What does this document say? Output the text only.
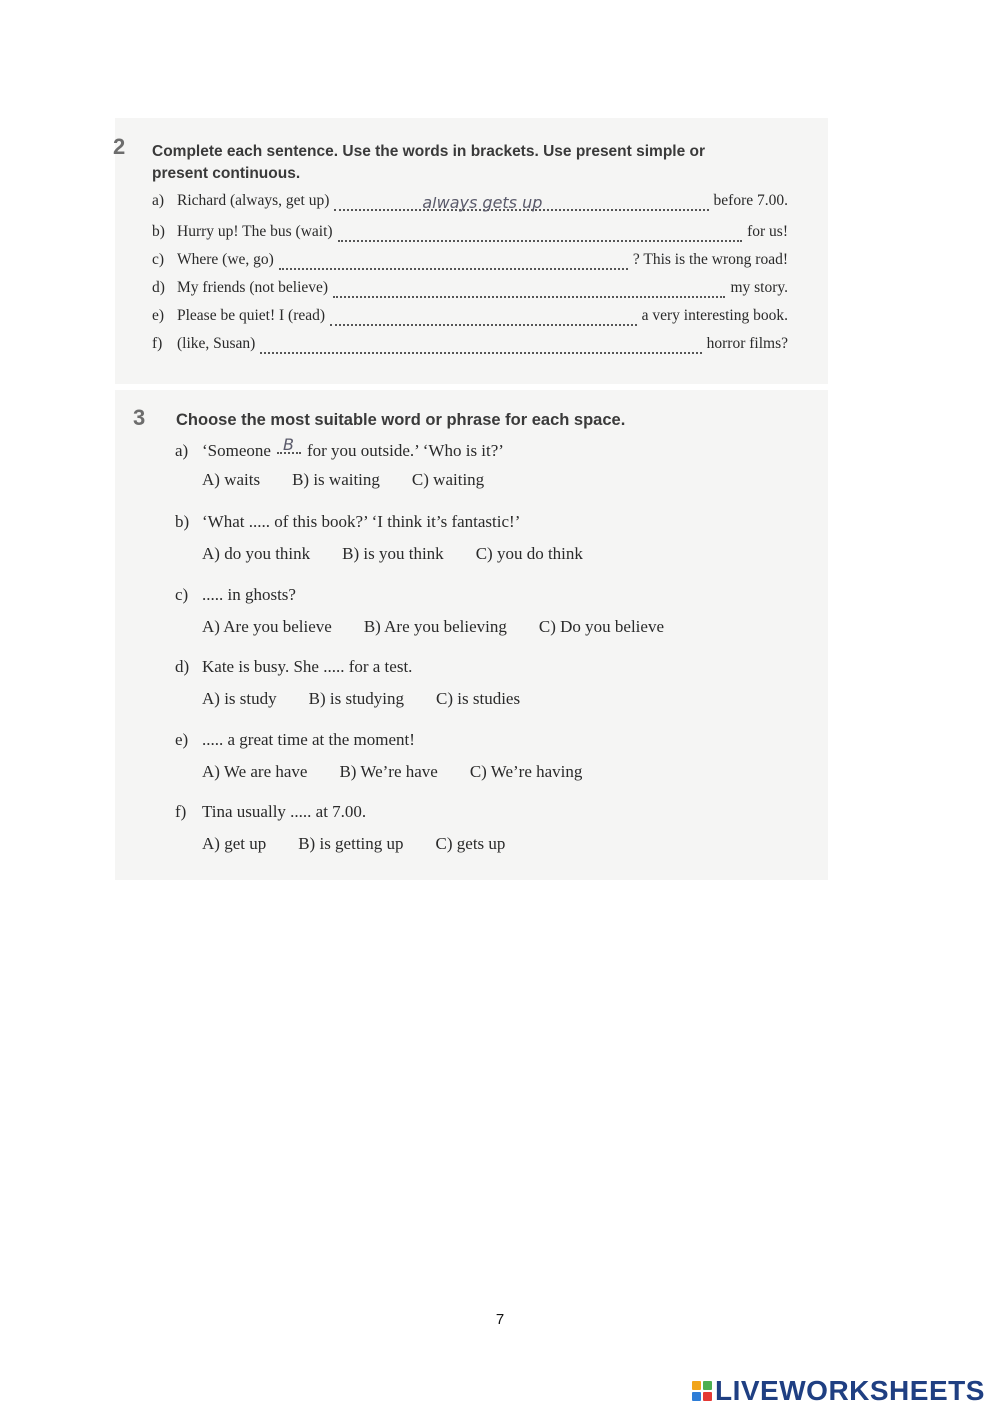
2 Complete each sentence. Use the words in brackets. Use present simple or
present continuous.
a) Richard (always, get up)	always gets up	before 7.00.
b) Hurry up! The bus (wait)	for us!
c) Where (we, go)	? This is the wrong road!
d) My friends (not believe)	my story.
e) Please be quiet! I (read)	a very interesting book.
f) (like, Susan)	horror films?
3 Choose the most suitable word or phrase for each space.
a) ‘Someone B for you outside.’ ‘Who is it?’
A) waits B) is waiting C) waiting
b) ‘What ..... of this book?’ ‘I think it’s fantastic!’
A) do you think B) is you think C) you do think
c) ..... in ghosts?
A) Are you believe B) Are you believing C) Do you believe
d) Kate is busy. She ..... for a test.
A) is study B) is studying C) is studies
e) ..... a great time at the moment!
A) We are have B) We’re have C) We’re having
f) Tina usually ..... at 7.00.
A) get up B) is getting up C) gets up
7
LIVEWORKSHEETS
